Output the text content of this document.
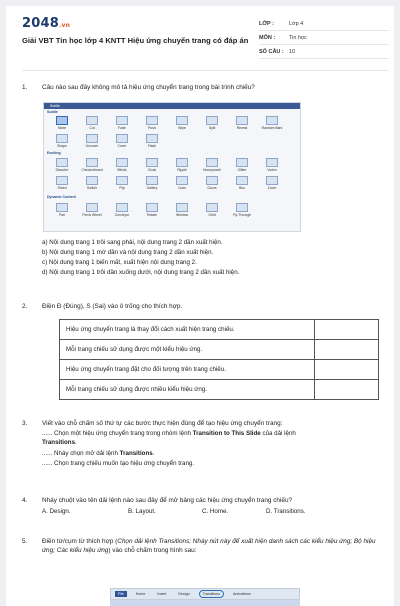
2048.vn
Giải VBT Tin học lớp 4 KNTT Hiệu ứng chuyển trang có đáp án
LỚP :	Lớp 4
MÔN :	Tin học
SỐ CÂU : 10
1. Câu nào sau đây không mô tả hiệu ứng chuyển trang trong bài trình chiếu?
Subtle
Subtle
None	Cut	Fade	Push	Wipe	Split	Reveal	Random Bars
Shape	Uncover	Cover	Flash
Exciting
Dissolve	Checkerboard	Blinds	Clock	Ripple	Honeycomb	Glitter	Vortex
Shred	Switch	Flip	Gallery	Cube	Doors	Box	Zoom
Dynamic Content
Pan	Ferris Wheel	Conveyor	Rotate	Window	Orbit	Fly Through
a) Nội dung trang 1 trôi sang phải, nội dung trang 2 dần xuất hiện.
b) Nội dung trang 1 mờ dần và nội dung trang 2 dần xuất hiện.
c) Nội dung trang 1 biến mất, xuất hiện nội dung trang 2.
d) Nội dung trang 1 trôi dần xuống dưới, nội dung trang 2 dần xuất hiện.
2. Điền Đ (Đúng), S (Sai) vào ô trống cho thích hợp.
Hiệu ứng chuyển trang là thay đổi cách xuất hiện trang chiếu.	
Mỗi trang chiếu sử dụng được một kiểu hiệu ứng.	
Hiệu ứng chuyển trang đặt cho đối tượng trên trang chiếu.	
Mỗi trang chiếu sử dụng được nhiều kiểu hiệu ứng.	
3. Viết vào chỗ chấm số thứ tự các bước thực hiện đúng để tạo hiệu ứng chuyển trang:
...... Chọn một hiệu ứng chuyển trang trong nhóm lệnh Transition to This Slide của dải lệnh
Transitions.
...... Nháy chọn mở dải lệnh Transitions.
...... Chọn trang chiếu muốn tạo hiệu ứng chuyển trang.
4. Nháy chuột vào tên dải lệnh nào sau đây để mở bảng các hiệu ứng chuyển trang chiếu?
A. Design.	B. Layout.	C. Home.	D. Transitions.
5. Điền từ/cụm từ thích hợp (Chọn dải lệnh Transitions; Nháy nút này để xuất hiện danh sách các kiểu hiệu ứng; Bộ hiệu ứng; Các kiểu hiệu ứng) vào chỗ chấm trong hình sau:
File	Home	Insert	Design	Transitions	Animations
